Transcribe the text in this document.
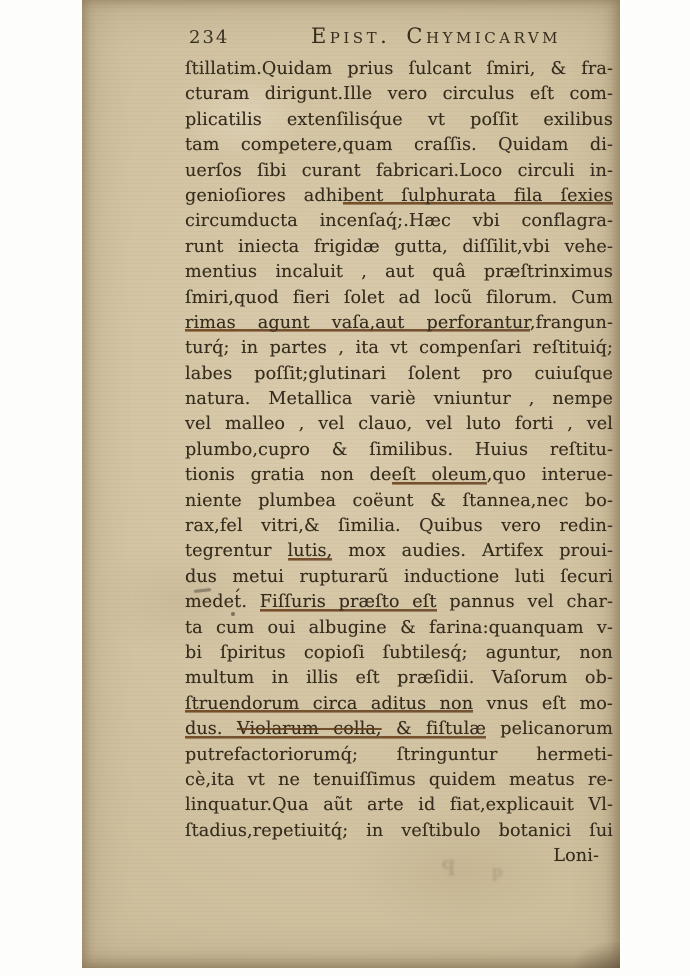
234	Epist. Chymicarvm
ſtillatim.Quidam prius ſulcant ſmiri, & fra-
cturam dirigunt.Ille vero circulus eſt com-
plicatilis extenſilisq́ue vt poſſit exilibus
tam competere,quam craſſis. Quidam di-
uerſos ſibi curant fabricari.Loco circuli in-
genioſiores adhibent ſulphurata fila ſexies
circumducta incenſaq́;.Hæc vbi conflagra-
runt iniecta frigidæ gutta, diſſilit,vbi vehe-
mentius incaluit , aut quâ præſtrinximus
ſmiri,quod fieri ſolet ad locũ filorum. Cum
rimas agunt vaſa,aut perforantur,frangun-
turq́; in partes , ita vt compenſari reſtituiq́;
labes poſſit;glutinari ſolent pro cuiuſque
natura. Metallica variè vniuntur , nempe
vel malleo , vel clauo, vel luto forti , vel
plumbo,cupro & ſimilibus. Huius reſtitu-
tionis gratia non deeſt oleum,quo interue-
niente plumbea coëunt & ſtannea,nec bo-
rax,fel vitri,& ſimilia. Quibus vero redin-
tegrentur lutis, mox audies. Artifex proui-
dus metui rupturarũ inductione luti ſecuri
medet́. Fiſſuris præſto eſt pannus vel char-
ta cum oui albugine & farina:quanquam v-
bi ſpiritus copioſi ſubtilesq́; aguntur, non
multum in illis eſt præſidii. Vaſorum ob-
ſtruendorum circa aditus non vnus eſt mo-
dus. Violarum colla, & fiſtulæ pelicanorum
putrefactoriorumq́; ſtringuntur hermeti-
cè,ita vt ne tenuiſſimus quidem meatus re-
linquatur.Qua aũt arte id fiat,explicauit Vl-
ſtadius,repetiuitq́; in veſtibulo botanici ſui
Loni-
P q
